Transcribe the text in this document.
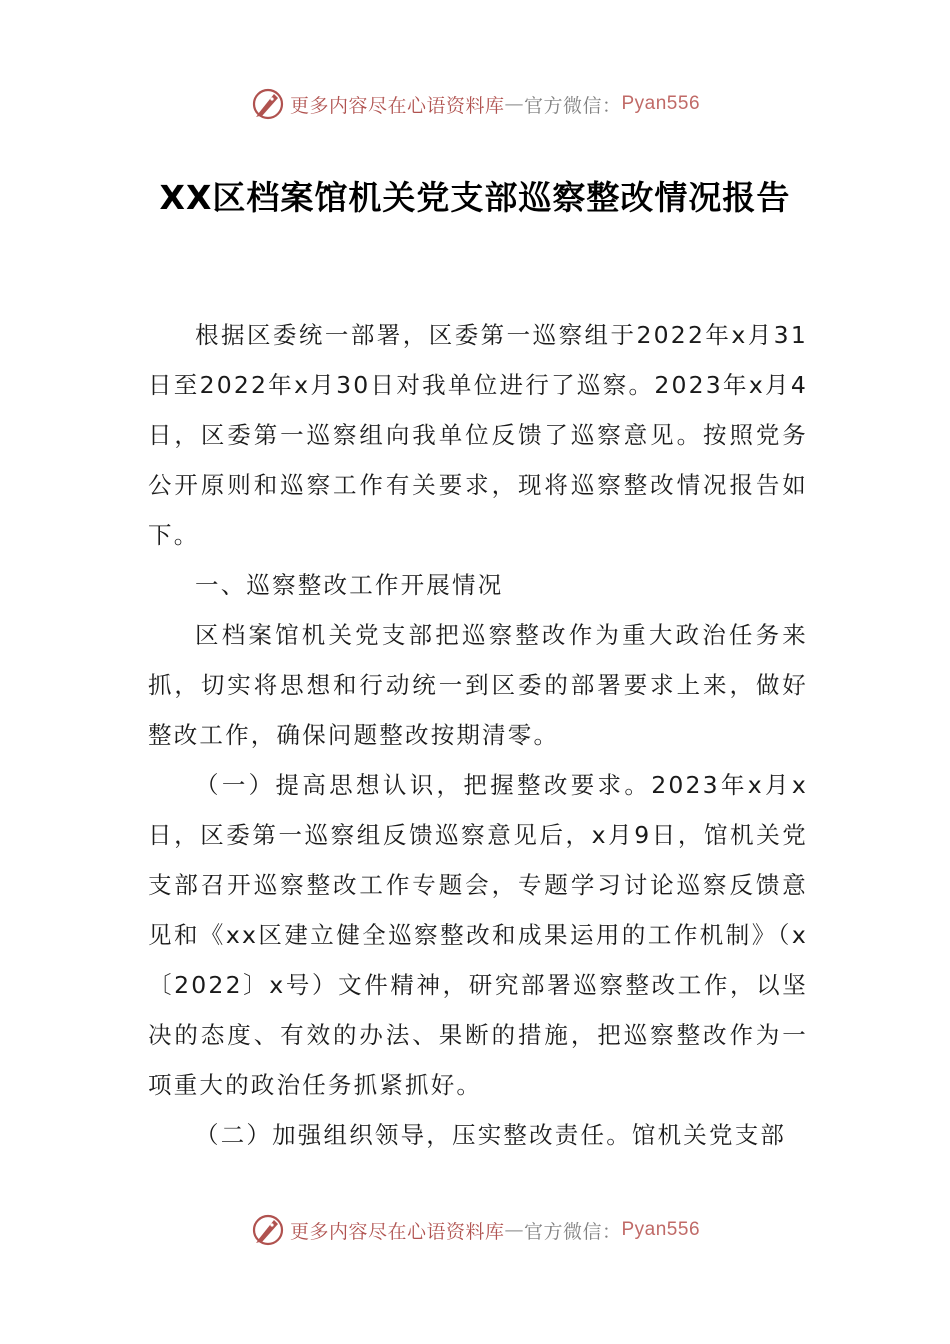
更多内容尽在心语资料库 — 官方微信： Pyan556
XX区档案馆机关党支部巡察整改情况报告

根据区委统一部署，区委第一巡察组于2022年x月31日至2022年x月30日对我单位进行了巡察。2023年x月4日，区委第一巡察组向我单位反馈了巡察意见。按照党务公开原则和巡察工作有关要求，现将巡察整改情况报告如下。

一、巡察整改工作开展情况

区档案馆机关党支部把巡察整改作为重大政治任务来抓，切实将思想和行动统一到区委的部署要求上来，做好整改工作，确保问题整改按期清零。

（一）提高思想认识，把握整改要求。2023年x月x日，区委第一巡察组反馈巡察意见后，x月9日，馆机关党支部召开巡察整改工作专题会，专题学习讨论巡察反馈意见和《xx区建立健全巡察整改和成果运用的工作机制》（x〔2022〕x号）文件精神，研究部署巡察整改工作，以坚决的态度、有效的办法、果断的措施，把巡察整改作为一项重大的政治任务抓紧抓好。

（二）加强组织领导，压实整改责任。馆机关党支部

更多内容尽在心语资料库 — 官方微信： Pyan556
